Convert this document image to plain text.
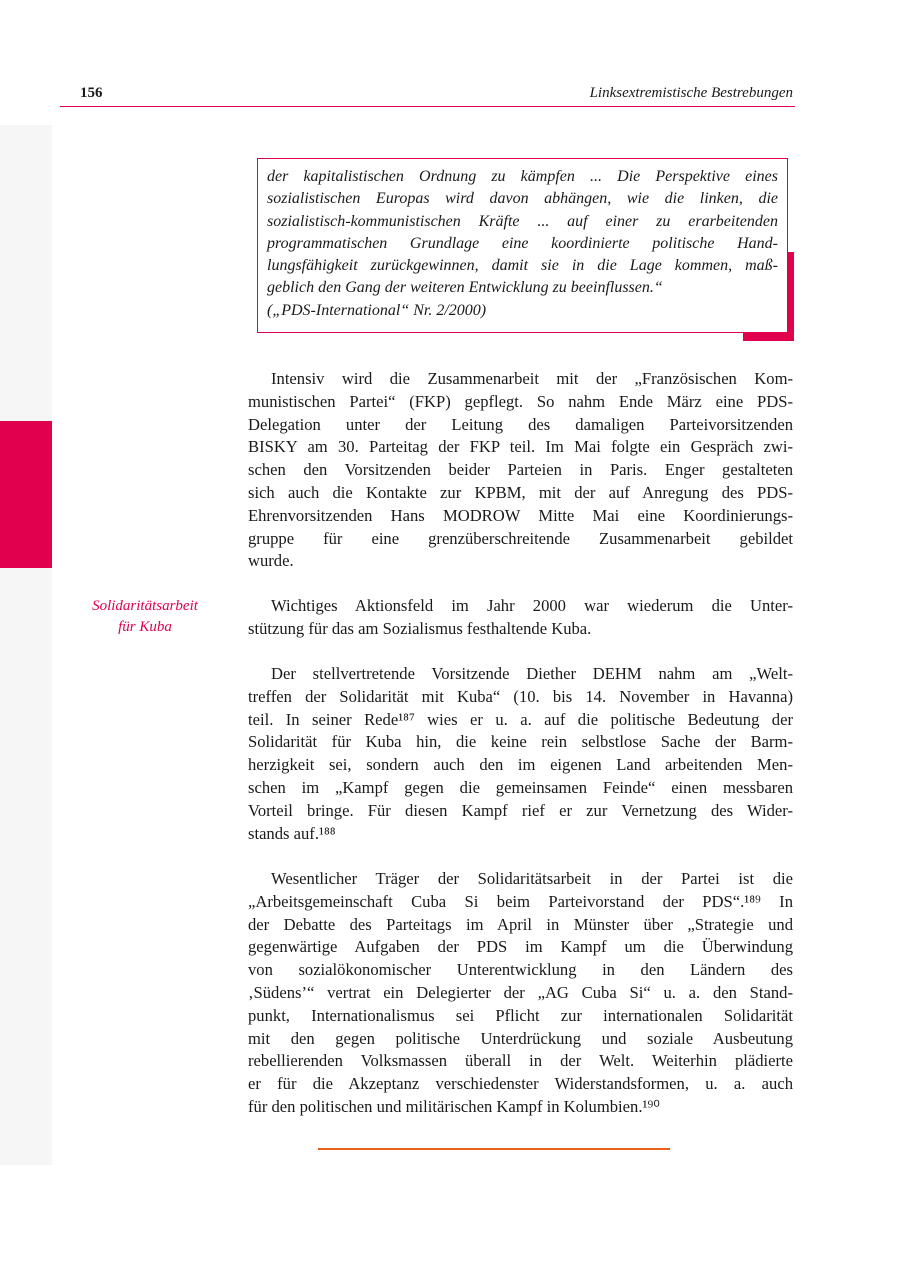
156	Linksextremistische Bestrebungen
der kapitalistischen Ordnung zu kämpfen ... Die Perspektive eines
sozialistischen Europas wird davon abhängen, wie die linken, die
sozialistisch-kommunistischen Kräfte ... auf einer zu erarbeitenden
programmatischen Grundlage eine koordinierte politische Hand-
lungsfähigkeit zurückgewinnen, damit sie in die Lage kommen, maß-
geblich den Gang der weiteren Entwicklung zu beeinflussen.“
(„PDS-International“ Nr. 2/2000)
Solidaritätsarbeit
für Kuba
Intensiv wird die Zusammenarbeit mit der „Französischen Kom-
munistischen Partei“ (FKP) gepflegt. So nahm Ende März eine PDS-
Delegation unter der Leitung des damaligen Parteivorsitzenden
BISKY am 30. Parteitag der FKP teil. Im Mai folgte ein Gespräch zwi-
schen den Vorsitzenden beider Parteien in Paris. Enger gestalteten
sich auch die Kontakte zur KPBM, mit der auf Anregung des PDS-
Ehrenvorsitzenden Hans MODROW Mitte Mai eine Koordinierungs-
gruppe für eine grenzüberschreitende Zusammenarbeit gebildet
wurde.
Wichtiges Aktionsfeld im Jahr 2000 war wiederum die Unter-
stützung für das am Sozialismus festhaltende Kuba.
Der stellvertretende Vorsitzende Diether DEHM nahm am „Welt-
treffen der Solidarität mit Kuba“ (10. bis 14. November in Havanna)
teil. In seiner Rede¹⁸⁷ wies er u. a. auf die politische Bedeutung der
Solidarität für Kuba hin, die keine rein selbstlose Sache der Barm-
herzigkeit sei, sondern auch den im eigenen Land arbeitenden Men-
schen im „Kampf gegen die gemeinsamen Feinde“ einen messbaren
Vorteil bringe. Für diesen Kampf rief er zur Vernetzung des Wider-
stands auf.¹⁸⁸
Wesentlicher Träger der Solidaritätsarbeit in der Partei ist die
„Arbeitsgemeinschaft Cuba Si beim Parteivorstand der PDS“.¹⁸⁹ In
der Debatte des Parteitags im April in Münster über „Strategie und
gegenwärtige Aufgaben der PDS im Kampf um die Überwindung
von sozialökonomischer Unterentwicklung in den Ländern des
‚Südens’“ vertrat ein Delegierter der „AG Cuba Si“ u. a. den Stand-
punkt, Internationalismus sei Pflicht zur internationalen Solidarität
mit den gegen politische Unterdrückung und soziale Ausbeutung
rebellierenden Volksmassen überall in der Welt. Weiterhin plädierte
er für die Akzeptanz verschiedenster Widerstandsformen, u. a. auch
für den politischen und militärischen Kampf in Kolumbien.¹⁹⁰
